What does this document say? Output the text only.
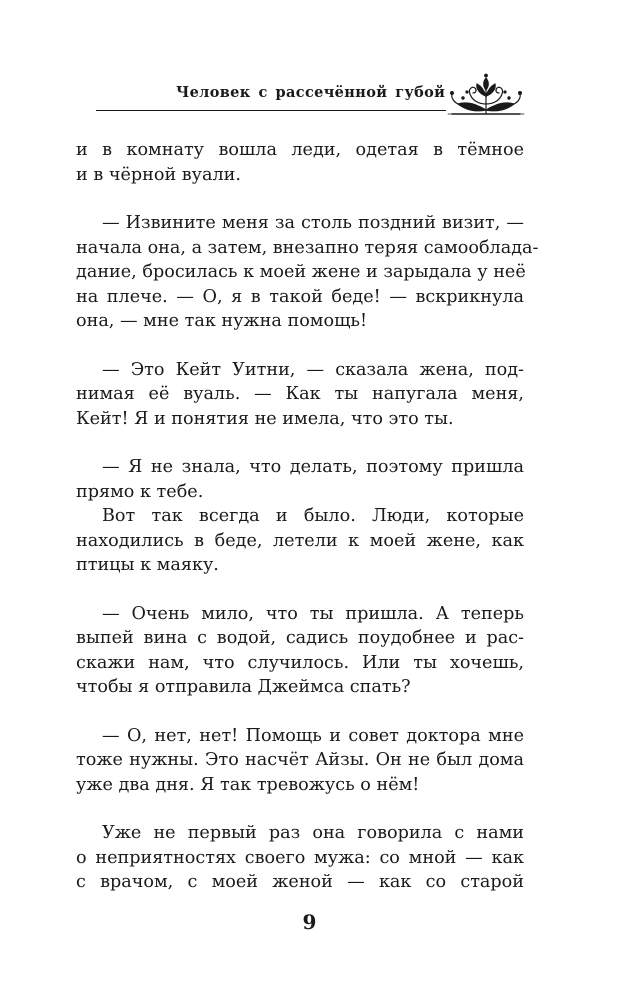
Человек с рассечённой губой
и в комнату вошла леди, одетая в тёмное
и в чёрной вуали.
— Извините меня за столь поздний визит, —
начала она, а затем, внезапно теряя самооблада-
дание, бросилась к моей жене и зарыдала у неё
на плече. — О, я в такой беде! — вскрикнула
она, — мне так нужна помощь!
— Это Кейт Уитни, — сказала жена, под-
нимая её вуаль. — Как ты напугала меня,
Кейт! Я и понятия не имела, что это ты.
— Я не знала, что делать, поэтому пришла
прямо к тебе.
Вот так всегда и было. Люди, которые
находились в беде, летели к моей жене, как
птицы к маяку.
— Очень мило, что ты пришла. А теперь
выпей вина с водой, садись поудобнее и рас-
скажи нам, что случилось. Или ты хочешь,
чтобы я отправила Джеймса спать?
— О, нет, нет! Помощь и совет доктора мне
тоже нужны. Это насчёт Айзы. Он не был дома
уже два дня. Я так тревожусь о нём!
Уже не первый раз она говорила с нами
о неприятностях своего мужа: со мной — как
с врачом, с моей женой — как со старой
9
